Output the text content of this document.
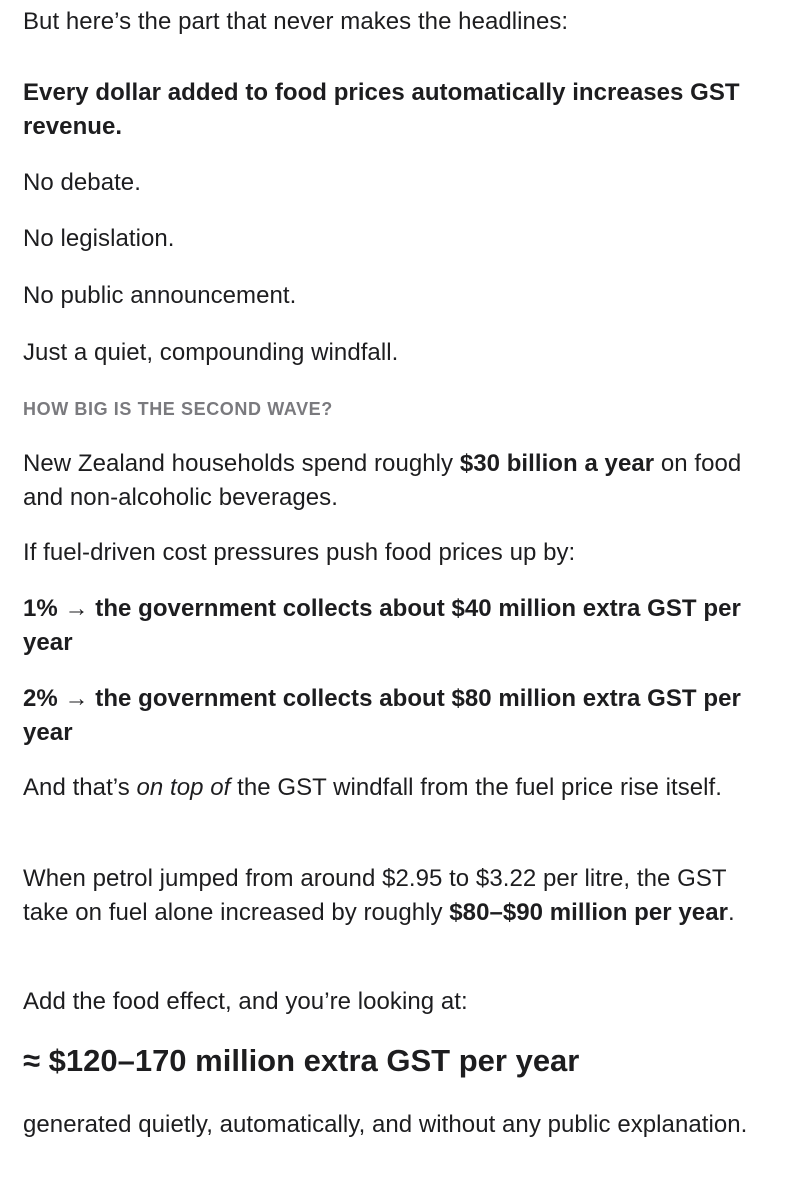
But here’s the part that never makes the headlines:

Every dollar added to food prices automatically increases GST revenue.

No debate.

No legislation.

No public announcement.

Just a quiet, compounding windfall.

HOW BIG IS THE SECOND WAVE?

New Zealand households spend roughly $30 billion a year on food and non-alcoholic beverages.

If fuel-driven cost pressures push food prices up by:

1% → the government collects about $40 million extra GST per year

2% → the government collects about $80 million extra GST per year

And that’s on top of the GST windfall from the fuel price rise itself.

When petrol jumped from around $2.95 to $3.22 per litre, the GST take on fuel alone increased by roughly $80–$90 million per year.

Add the food effect, and you’re looking at:

≈ $120–170 million extra GST per year

generated quietly, automatically, and without any public explanation.
